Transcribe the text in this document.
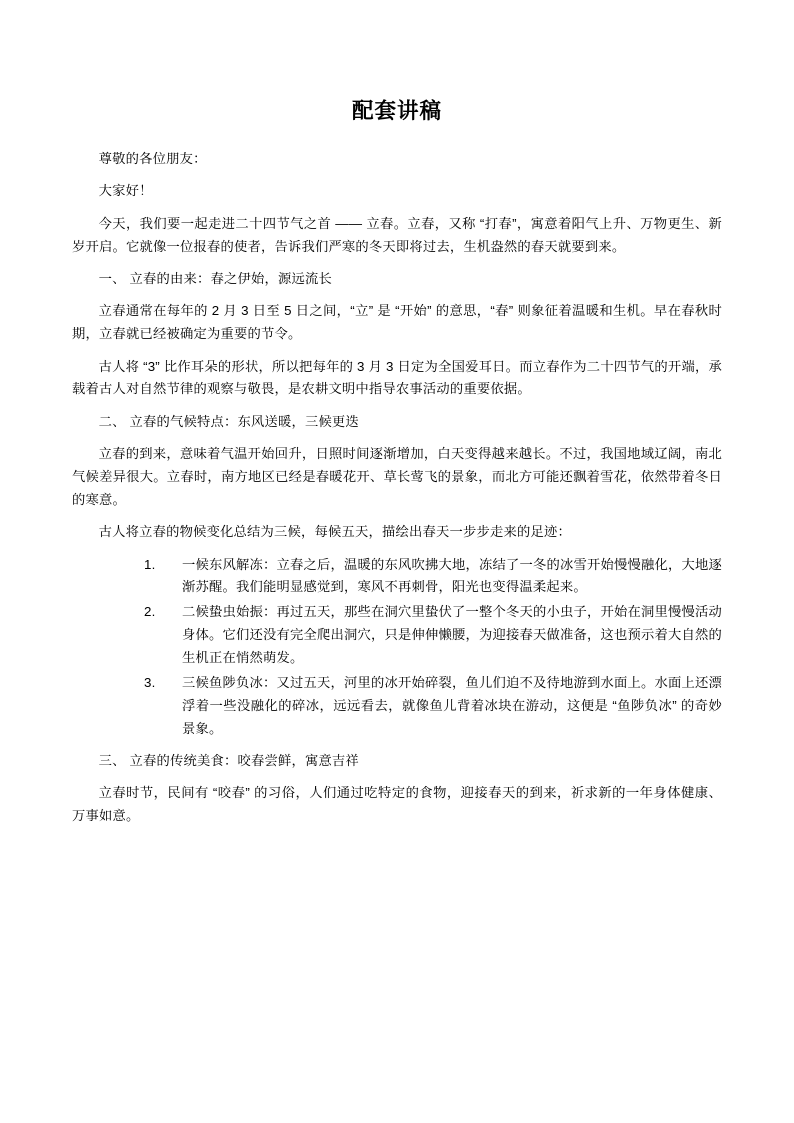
配套讲稿

尊敬的各位朋友：

大家好！

今天，我们要一起走进二十四节气之首 —— 立春。立春，又称 “打春”，寓意着阳气上升、万物更生、新岁开启。它就像一位报春的使者，告诉我们严寒的冬天即将过去，生机盎然的春天就要到来。

一、 立春的由来：春之伊始，源远流长

立春通常在每年的 2 月 3 日至 5 日之间，“立” 是 “开始” 的意思，“春” 则象征着温暖和生机。早在春秋时期，立春就已经被确定为重要的节令。

古人将 “3” 比作耳朵的形状，所以把每年的 3 月 3 日定为全国爱耳日。而立春作为二十四节气的开端，承载着古人对自然节律的观察与敬畏，是农耕文明中指导农事活动的重要依据。

二、 立春的气候特点：东风送暖，三候更迭

立春的到来，意味着气温开始回升，日照时间逐渐增加，白天变得越来越长。不过，我国地域辽阔，南北气候差异很大。立春时，南方地区已经是春暖花开、草长莺飞的景象，而北方可能还飘着雪花，依然带着冬日的寒意。

古人将立春的物候变化总结为三候，每候五天，描绘出春天一步步走来的足迹：

一候东风解冻：立春之后，温暖的东风吹拂大地，冻结了一冬的冰雪开始慢慢融化，大地逐渐苏醒。我们能明显感觉到，寒风不再刺骨，阳光也变得温柔起来。
二候蛰虫始振：再过五天，那些在洞穴里蛰伏了一整个冬天的小虫子，开始在洞里慢慢活动身体。它们还没有完全爬出洞穴，只是伸伸懒腰，为迎接春天做准备，这也预示着大自然的生机正在悄然萌发。
三候鱼陟负冰：又过五天，河里的冰开始碎裂，鱼儿们迫不及待地游到水面上。水面上还漂浮着一些没融化的碎冰，远远看去，就像鱼儿背着冰块在游动，这便是 “鱼陟负冰” 的奇妙景象。

三、 立春的传统美食：咬春尝鲜，寓意吉祥

立春时节，民间有 “咬春” 的习俗，人们通过吃特定的食物，迎接春天的到来，祈求新的一年身体健康、万事如意。
